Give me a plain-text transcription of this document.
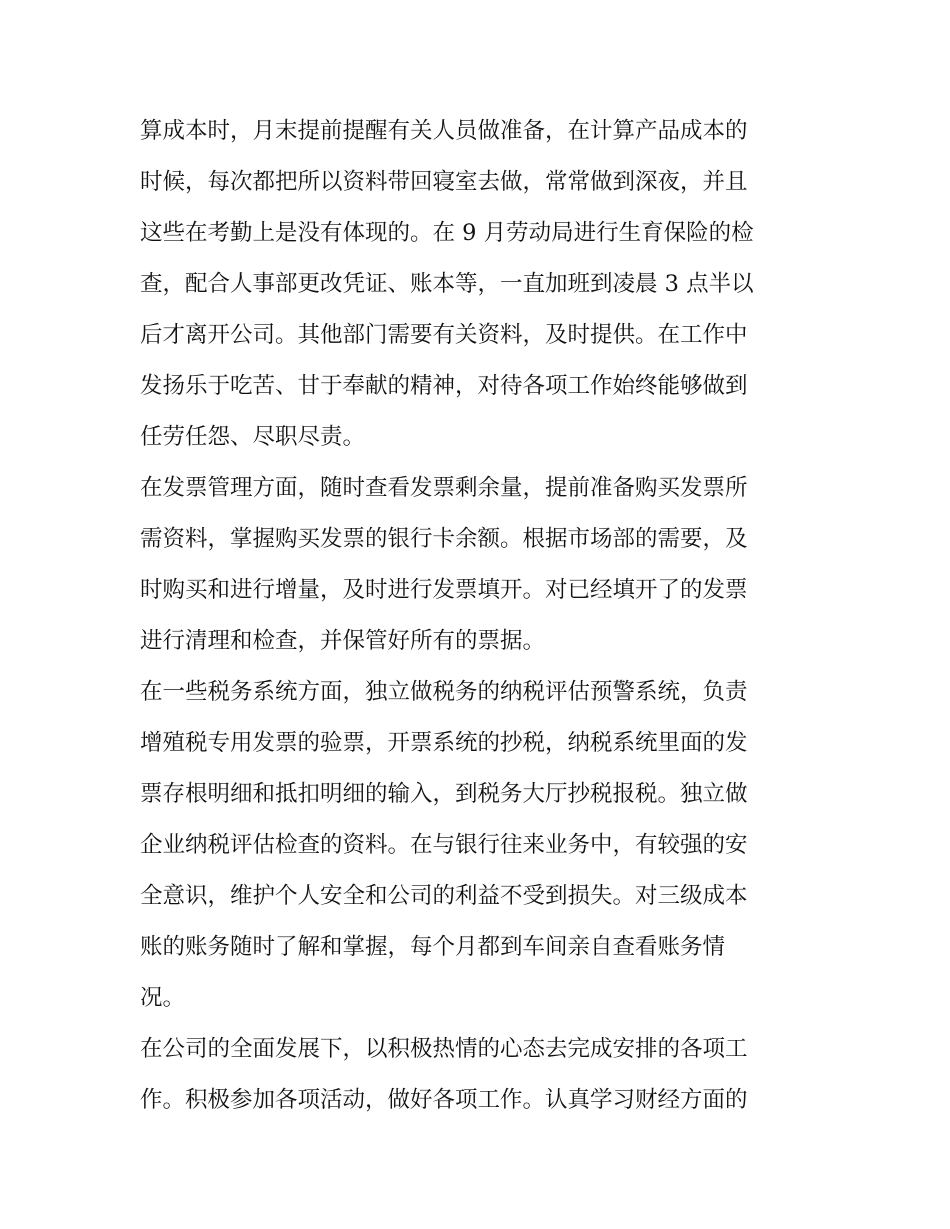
算成本时，月末提前提醒有关人员做准备，在计算产品成本的
时候，每次都把所以资料带回寝室去做，常常做到深夜，并且
这些在考勤上是没有体现的。在 9 月劳动局进行生育保险的检
查，配合人事部更改凭证、账本等，一直加班到凌晨 3 点半以
后才离开公司。其他部门需要有关资料，及时提供。在工作中
发扬乐于吃苦、甘于奉献的精神，对待各项工作始终能够做到
任劳任怨、尽职尽责。

在发票管理方面，随时查看发票剩余量，提前准备购买发票所
需资料，掌握购买发票的银行卡余额。根据市场部的需要，及
时购买和进行增量，及时进行发票填开。对已经填开了的发票
进行清理和检查，并保管好所有的票据。

在一些税务系统方面，独立做税务的纳税评估预警系统，负责
增殖税专用发票的验票，开票系统的抄税，纳税系统里面的发
票存根明细和抵扣明细的输入，到税务大厅抄税报税。独立做
企业纳税评估检查的资料。在与银行往来业务中，有较强的安
全意识，维护个人安全和公司的利益不受到损失。对三级成本
账的账务随时了解和掌握，每个月都到车间亲自查看账务情
况。

在公司的全面发展下，以积极热情的心态去完成安排的各项工
作。积极参加各项活动，做好各项工作。认真学习财经方面的
